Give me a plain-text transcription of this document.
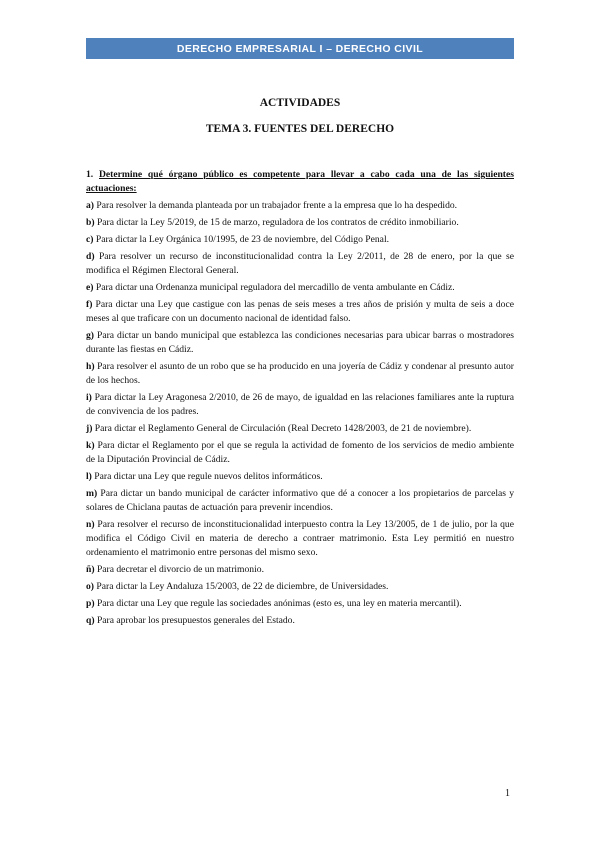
DERECHO EMPRESARIAL I – DERECHO CIVIL
ACTIVIDADES
TEMA 3. FUENTES DEL DERECHO
1. Determine qué órgano público es competente para llevar a cabo cada una de las siguientes actuaciones:

a) Para resolver la demanda planteada por un trabajador frente a la empresa que lo ha despedido.

b) Para dictar la Ley 5/2019, de 15 de marzo, reguladora de los contratos de crédito inmobiliario.

c) Para dictar la Ley Orgánica 10/1995, de 23 de noviembre, del Código Penal.

d) Para resolver un recurso de inconstitucionalidad contra la Ley 2/2011, de 28 de enero, por la que se modifica el Régimen Electoral General.

e) Para dictar una Ordenanza municipal reguladora del mercadillo de venta ambulante en Cádiz.

f) Para dictar una Ley que castigue con las penas de seis meses a tres años de prisión y multa de seis a doce meses al que traficare con un documento nacional de identidad falso.

g) Para dictar un bando municipal que establezca las condiciones necesarias para ubicar barras o mostradores durante las fiestas en Cádiz.

h) Para resolver el asunto de un robo que se ha producido en una joyería de Cádiz y condenar al presunto autor de los hechos.

i) Para dictar la Ley Aragonesa 2/2010, de 26 de mayo, de igualdad en las relaciones familiares ante la ruptura de convivencia de los padres.

j) Para dictar el Reglamento General de Circulación (Real Decreto 1428/2003, de 21 de noviembre).

k) Para dictar el Reglamento por el que se regula la actividad de fomento de los servicios de medio ambiente de la Diputación Provincial de Cádiz.

l) Para dictar una Ley que regule nuevos delitos informáticos.

m) Para dictar un bando municipal de carácter informativo que dé a conocer a los propietarios de parcelas y solares de Chiclana pautas de actuación para prevenir incendios.

n) Para resolver el recurso de inconstitucionalidad interpuesto contra la Ley 13/2005, de 1 de julio, por la que modifica el Código Civil en materia de derecho a contraer matrimonio. Esta Ley permitió en nuestro ordenamiento el matrimonio entre personas del mismo sexo.

ñ) Para decretar el divorcio de un matrimonio.

o) Para dictar la Ley Andaluza 15/2003, de 22 de diciembre, de Universidades.

p) Para dictar una Ley que regule las sociedades anónimas (esto es, una ley en materia mercantil).

q) Para aprobar los presupuestos generales del Estado.

1
